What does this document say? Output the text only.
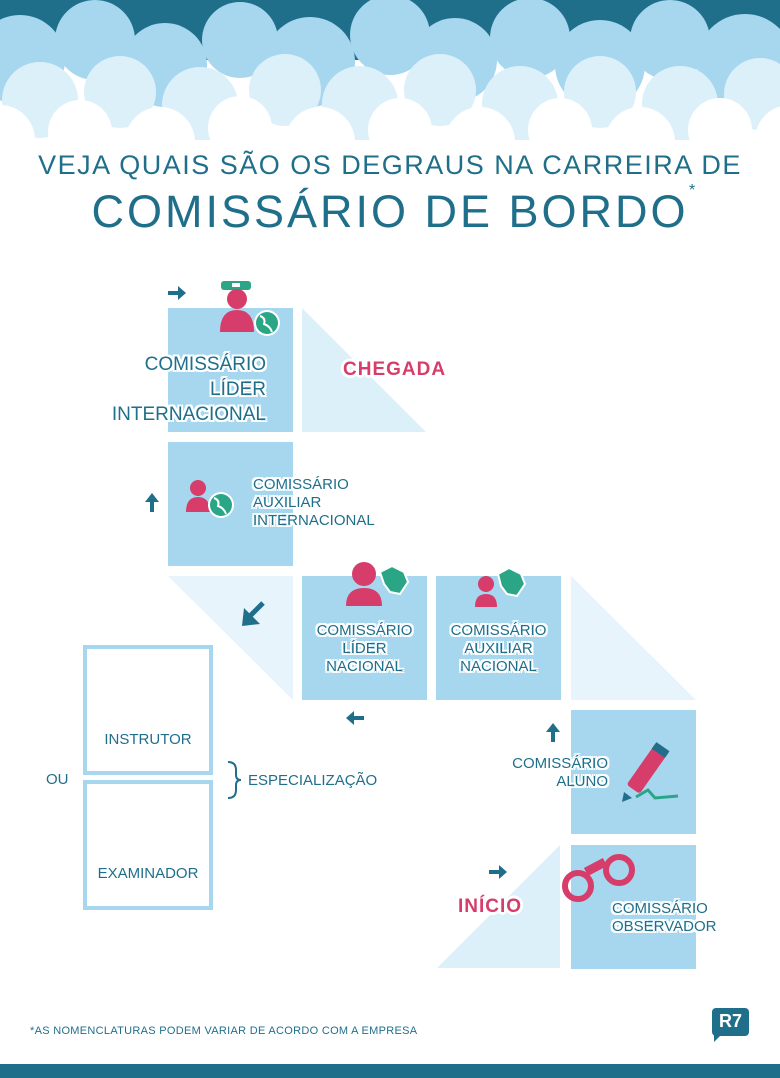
VEJA QUAIS SÃO OS DEGRAUS NA CARREIRA DE
COMISSÁRIO DE BORDO *
COMISSÁRIO
LÍDER
INTERNACIONAL
COMISSÁRIO
AUXILIAR
INTERNACIONAL
COMISSÁRIO
LÍDER
NACIONAL
COMISSÁRIO
AUXILIAR
NACIONAL
COMISSÁRIO
ALUNO
COMISSÁRIO
OBSERVADOR
CHEGADA
INÍCIO
INSTRUTOR
EXAMINADOR
OU	ESPECIALIZAÇÃO
*AS NOMENCLATURAS PODEM VARIAR DE ACORDO COM A EMPRESA	R7
